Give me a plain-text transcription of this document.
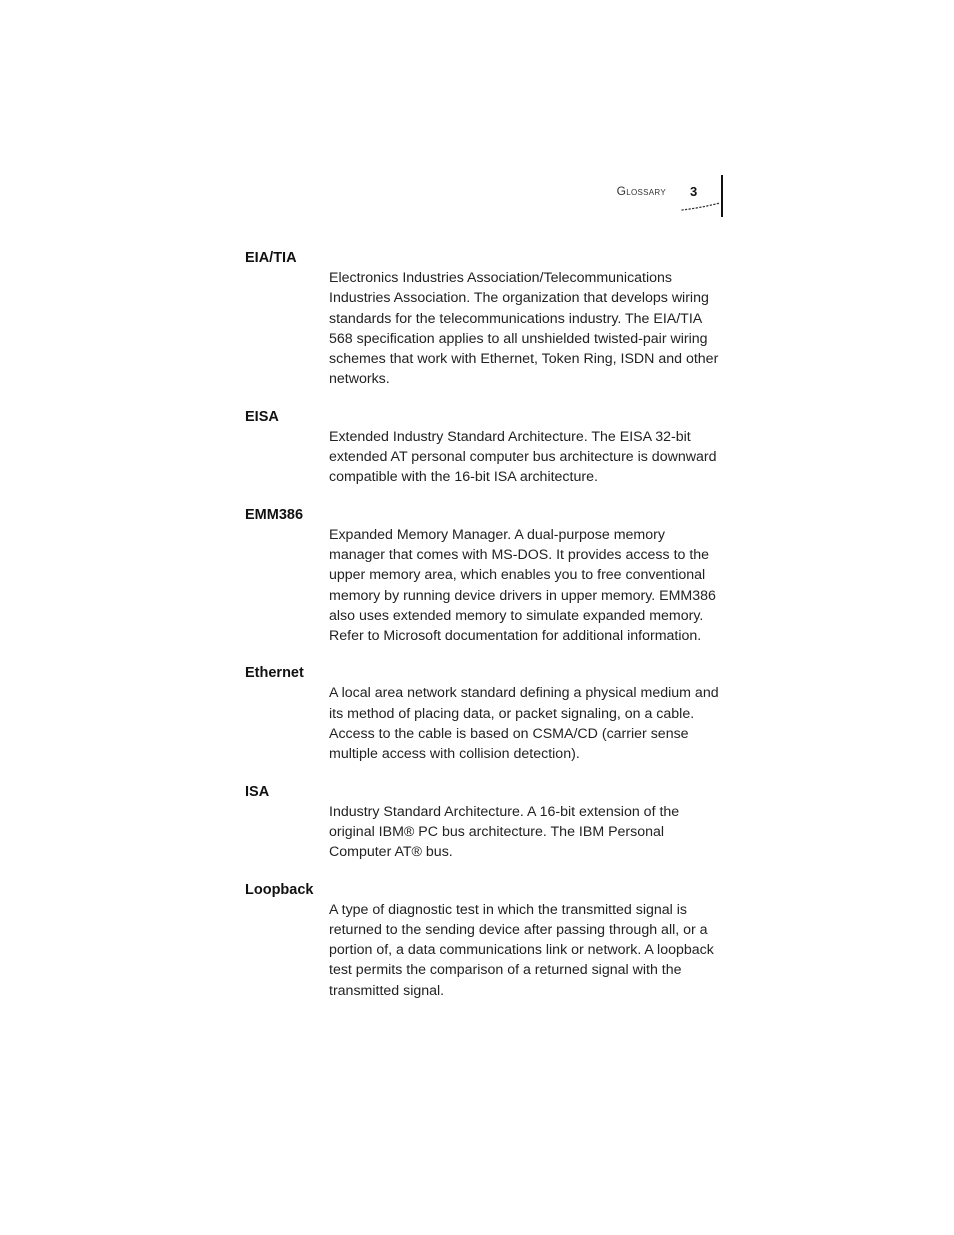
Glossary 3
EIA/TIA
Electronics Industries Association/Telecommunications Industries Association. The organization that develops wiring standards for the telecommunications industry. The EIA/TIA 568 specification applies to all unshielded twisted-pair wiring schemes that work with Ethernet, Token Ring, ISDN and other networks.
EISA
Extended Industry Standard Architecture. The EISA 32-bit extended AT personal computer bus architecture is downward compatible with the 16-bit ISA architecture.
EMM386
Expanded Memory Manager. A dual-purpose memory manager that comes with MS-DOS. It provides access to the upper memory area, which enables you to free conventional memory by running device drivers in upper memory. EMM386 also uses extended memory to simulate expanded memory. Refer to Microsoft documentation for additional information.
Ethernet
A local area network standard defining a physical medium and its method of placing data, or packet signaling, on a cable. Access to the cable is based on CSMA/CD (carrier sense multiple access with collision detection).
ISA
Industry Standard Architecture. A 16-bit extension of the original IBM® PC bus architecture. The IBM Personal Computer AT® bus.
Loopback
A type of diagnostic test in which the transmitted signal is returned to the sending device after passing through all, or a portion of, a data communications link or network. A loopback test permits the comparison of a returned signal with the transmitted signal.
